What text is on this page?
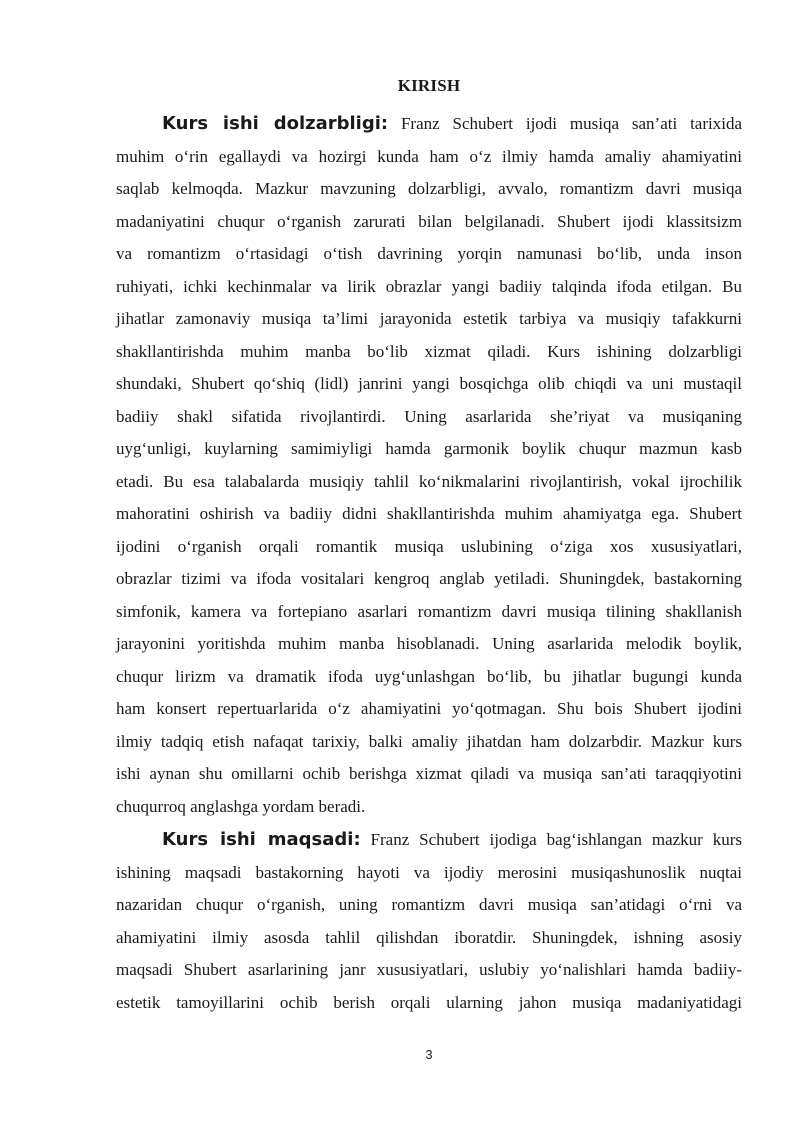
KIRISH
Kurs ishi dolzarbligi: Franz Schubert ijodi musiqa san’ati tarixida
muhim o‘rin egallaydi va hozirgi kunda ham o‘z ilmiy hamda amaliy ahamiyatini
saqlab kelmoqda. Mazkur mavzuning dolzarbligi, avvalo, romantizm davri musiqa
madaniyatini chuqur o‘rganish zarurati bilan belgilanadi. Shubert ijodi klassitsizm
va romantizm o‘rtasidagi o‘tish davrining yorqin namunasi bo‘lib, unda inson
ruhiyati, ichki kechinmalar va lirik obrazlar yangi badiiy talqinda ifoda etilgan. Bu
jihatlar zamonaviy musiqa ta’limi jarayonida estetik tarbiya va musiqiy tafakkurni
shakllantirishda muhim manba bo‘lib xizmat qiladi. Kurs ishining dolzarbligi
shundaki, Shubert qo‘shiq (lidl) janrini yangi bosqichga olib chiqdi va uni mustaqil
badiiy shakl sifatida rivojlantirdi. Uning asarlarida she’riyat va musiqaning
uyg‘unligi, kuylarning samimiyligi hamda garmonik boylik chuqur mazmun kasb
etadi. Bu esa talabalarda musiqiy tahlil ko‘nikmalarini rivojlantirish, vokal ijrochilik
mahoratini oshirish va badiiy didni shakllantirishda muhim ahamiyatga ega. Shubert
ijodini o‘rganish orqali romantik musiqa uslubining o‘ziga xos xususiyatlari,
obrazlar tizimi va ifoda vositalari kengroq anglab yetiladi. Shuningdek, bastakorning
simfonik, kamera va fortepiano asarlari romantizm davri musiqa tilining shakllanish
jarayonini yoritishda muhim manba hisoblanadi. Uning asarlarida melodik boylik,
chuqur lirizm va dramatik ifoda uyg‘unlashgan bo‘lib, bu jihatlar bugungi kunda
ham konsert repertuarlarida o‘z ahamiyatini yo‘qotmagan. Shu bois Shubert ijodini
ilmiy tadqiq etish nafaqat tarixiy, balki amaliy jihatdan ham dolzarbdir. Mazkur kurs
ishi aynan shu omillarni ochib berishga xizmat qiladi va musiqa san’ati taraqqiyotini
chuqurroq anglashga yordam beradi.
Kurs ishi maqsadi: Franz Schubert ijodiga bag‘ishlangan mazkur kurs
ishining maqsadi bastakorning hayoti va ijodiy merosini musiqashunoslik nuqtai
nazaridan chuqur o‘rganish, uning romantizm davri musiqa san’atidagi o‘rni va
ahamiyatini ilmiy asosda tahlil qilishdan iboratdir. Shuningdek, ishning asosiy
maqsadi Shubert asarlarining janr xususiyatlari, uslubiy yo‘nalishlari hamda badiiy-
estetik tamoyillarini ochib berish orqali ularning jahon musiqa madaniyatidagi
3
